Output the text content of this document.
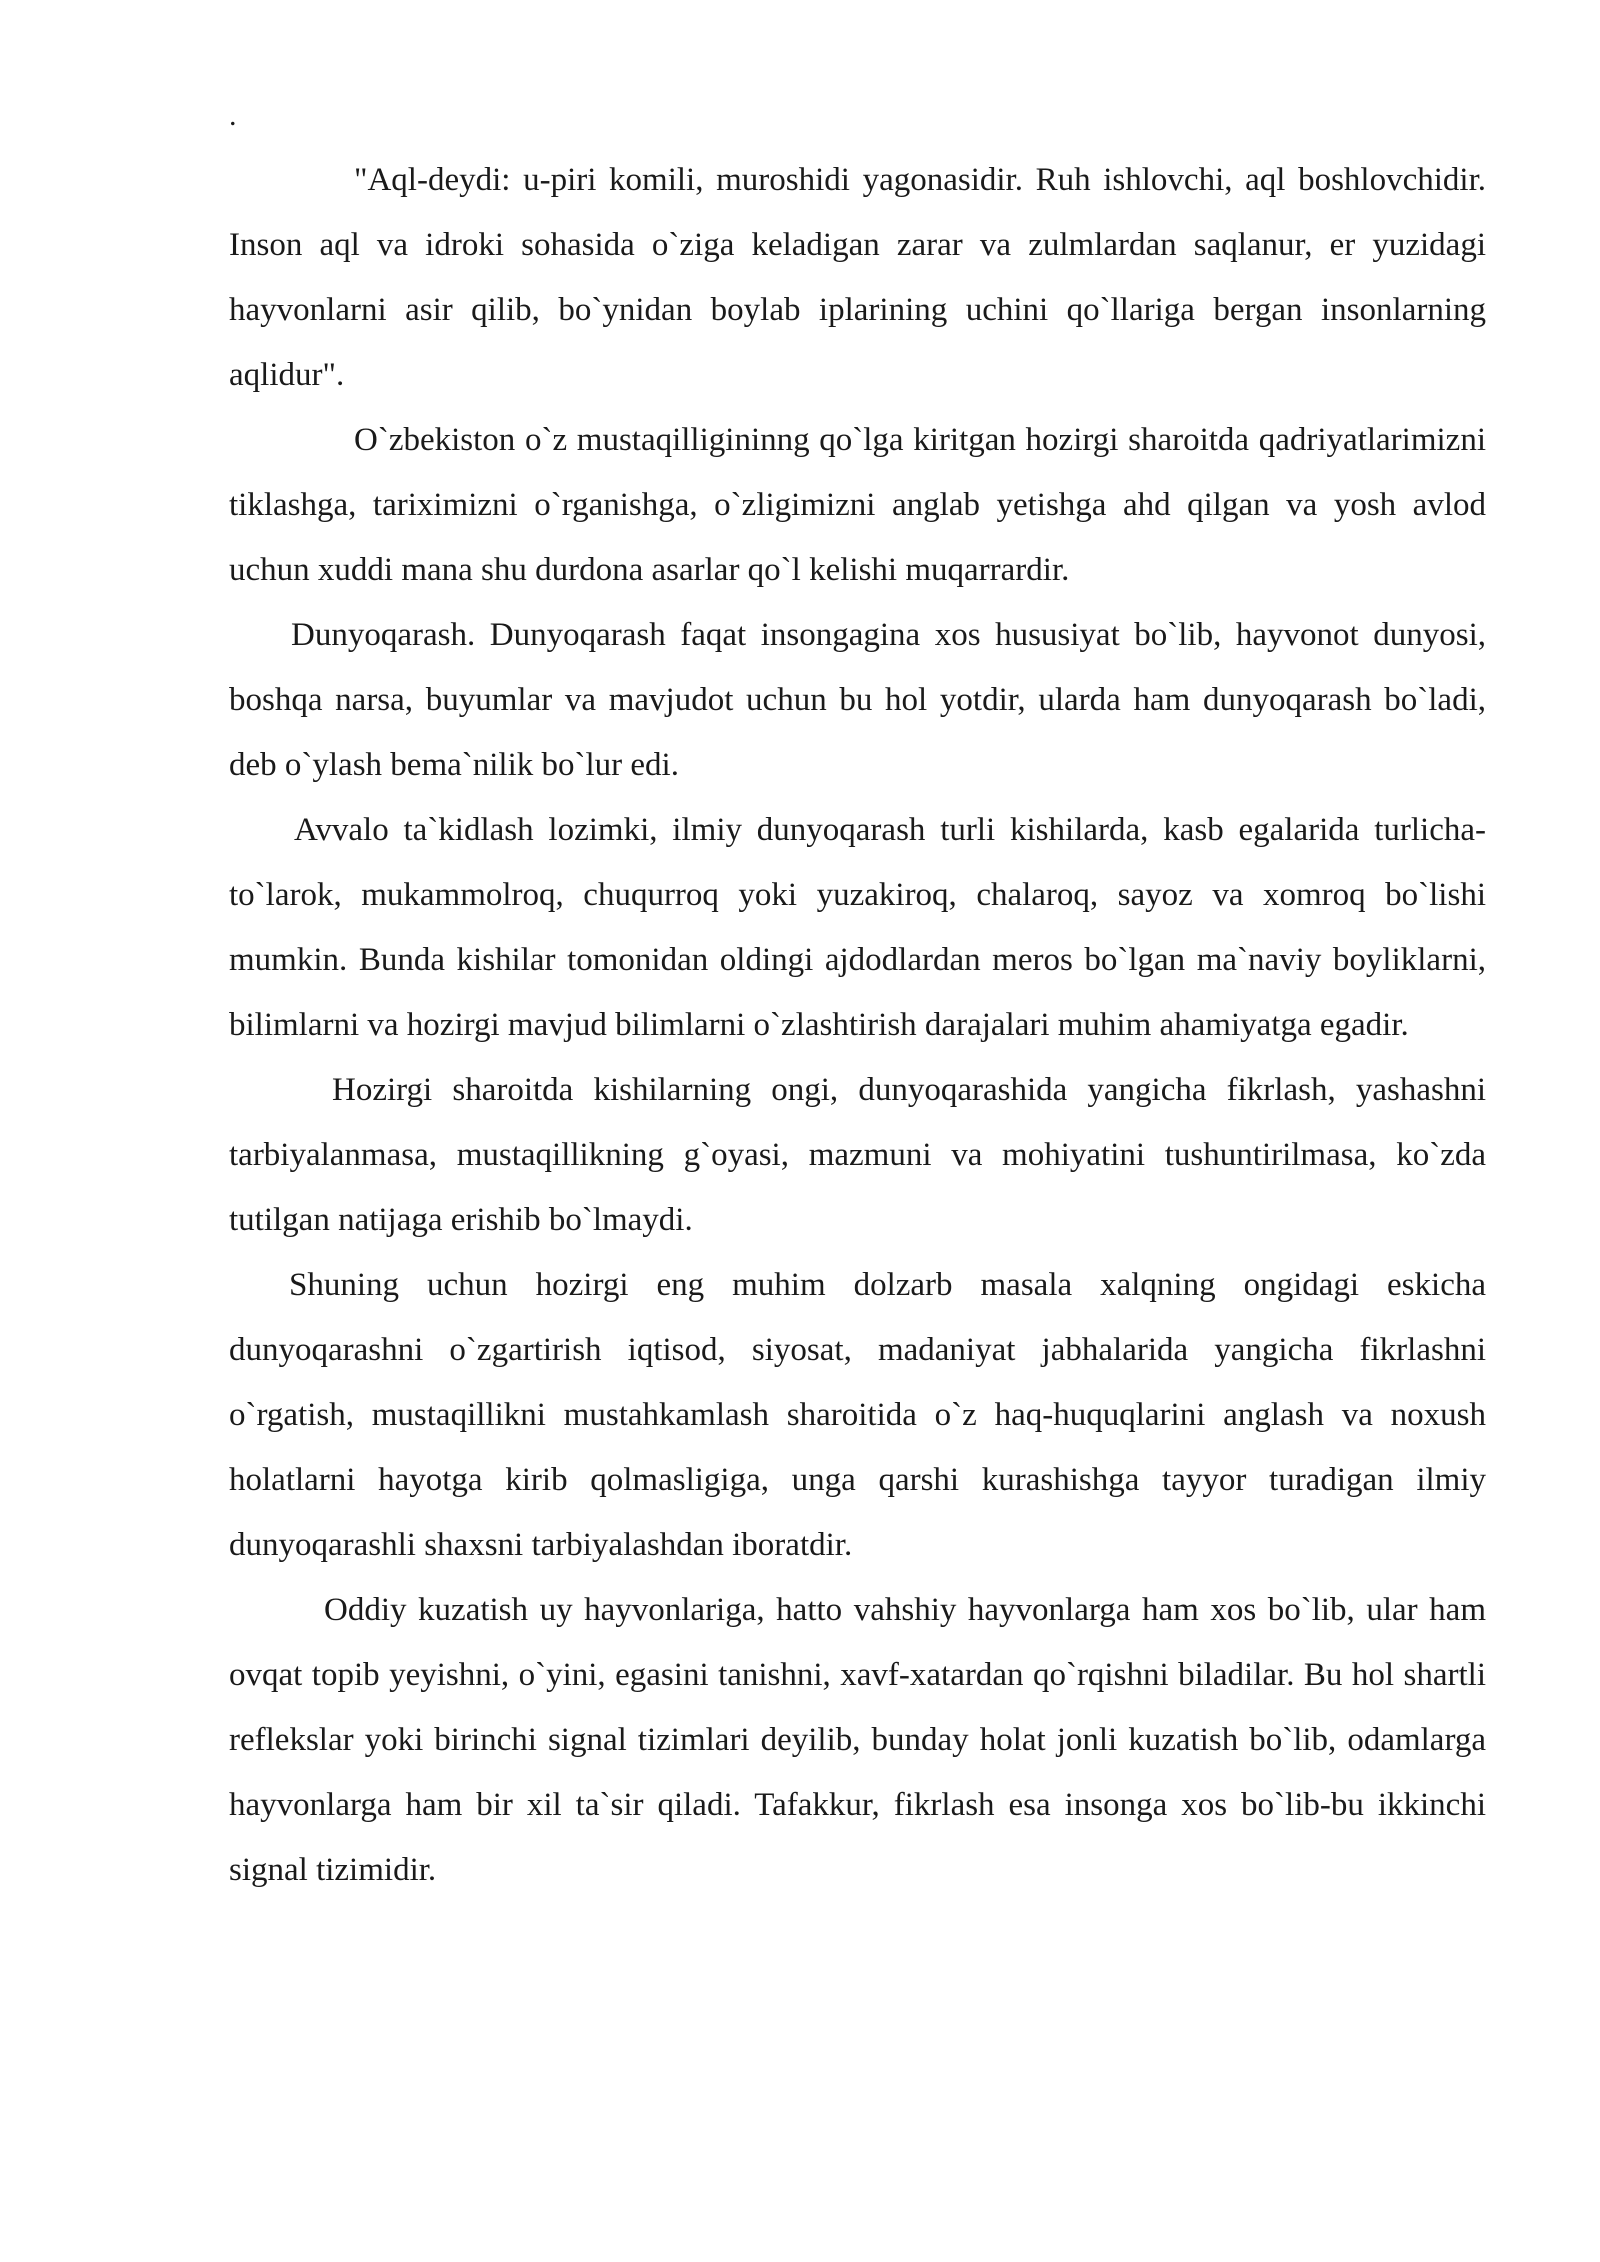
.

"Aql-deydi: u-piri komili, muroshidi yagonasidir. Ruh ishlovchi, aql boshlovchidir. Inson aql va idroki sohasida o`ziga keladigan zarar va zulmlardan saqlanur, er yuzidagi hayvonlarni asir qilib, bo`ynidan boylab iplarining uchini qo`llariga bergan insonlarning aqlidur".

O`zbekiston o`z mustaqilligininng qo`lga kiritgan hozirgi sharoitda qadriyatlarimizni tiklashga, tariximizni o`rganishga, o`zligimizni anglab yetishga ahd qilgan va yosh avlod uchun xuddi mana shu durdona asarlar qo`l kelishi muqarrardir.

Dunyoqarash. Dunyoqarash faqat insongagina xos hususiyat bo`lib, hayvonot dunyosi, boshqa narsa, buyumlar va mavjudot uchun bu hol yotdir, ularda ham dunyoqarash bo`ladi, deb o`ylash bema`nilik bo`lur edi.

Avvalo ta`kidlash lozimki, ilmiy dunyoqarash turli kishilarda, kasb egalarida turlicha-to`larok, mukammolroq, chuqurroq yoki yuzakiroq, chalaroq, sayoz va xomroq bo`lishi mumkin. Bunda kishilar tomonidan oldingi ajdodlardan meros bo`lgan ma`naviy boyliklarni, bilimlarni va hozirgi mavjud bilimlarni o`zlashtirish darajalari muhim ahamiyatga egadir.

Hozirgi sharoitda kishilarning ongi, dunyoqarashida yangicha fikrlash, yashashni tarbiyalanmasa, mustaqillikning g`oyasi, mazmuni va mohiyatini tushuntirilmasa, ko`zda tutilgan natijaga erishib bo`lmaydi.

Shuning uchun hozirgi eng muhim dolzarb masala xalqning ongidagi eskicha dunyoqarashni o`zgartirish iqtisod, siyosat, madaniyat jabhalarida yangicha fikrlashni o`rgatish, mustaqillikni mustahkamlash sharoitida o`z haq-huquqlarini anglash va noxush holatlarni hayotga kirib qolmasligiga, unga qarshi kurashishga tayyor turadigan ilmiy dunyoqarashli shaxsni tarbiyalashdan iboratdir.

Oddiy kuzatish uy hayvonlariga, hatto vahshiy hayvonlarga ham xos bo`lib, ular ham ovqat topib yeyishni, o`yini, egasini tanishni, xavf-xatardan qo`rqishni biladilar. Bu hol shartli reflekslar yoki birinchi signal tizimlari deyilib, bunday holat jonli kuzatish bo`lib, odamlarga hayvonlarga ham bir xil ta`sir qiladi. Tafakkur, fikrlash esa insonga xos bo`lib-bu ikkinchi signal tizimidir.
